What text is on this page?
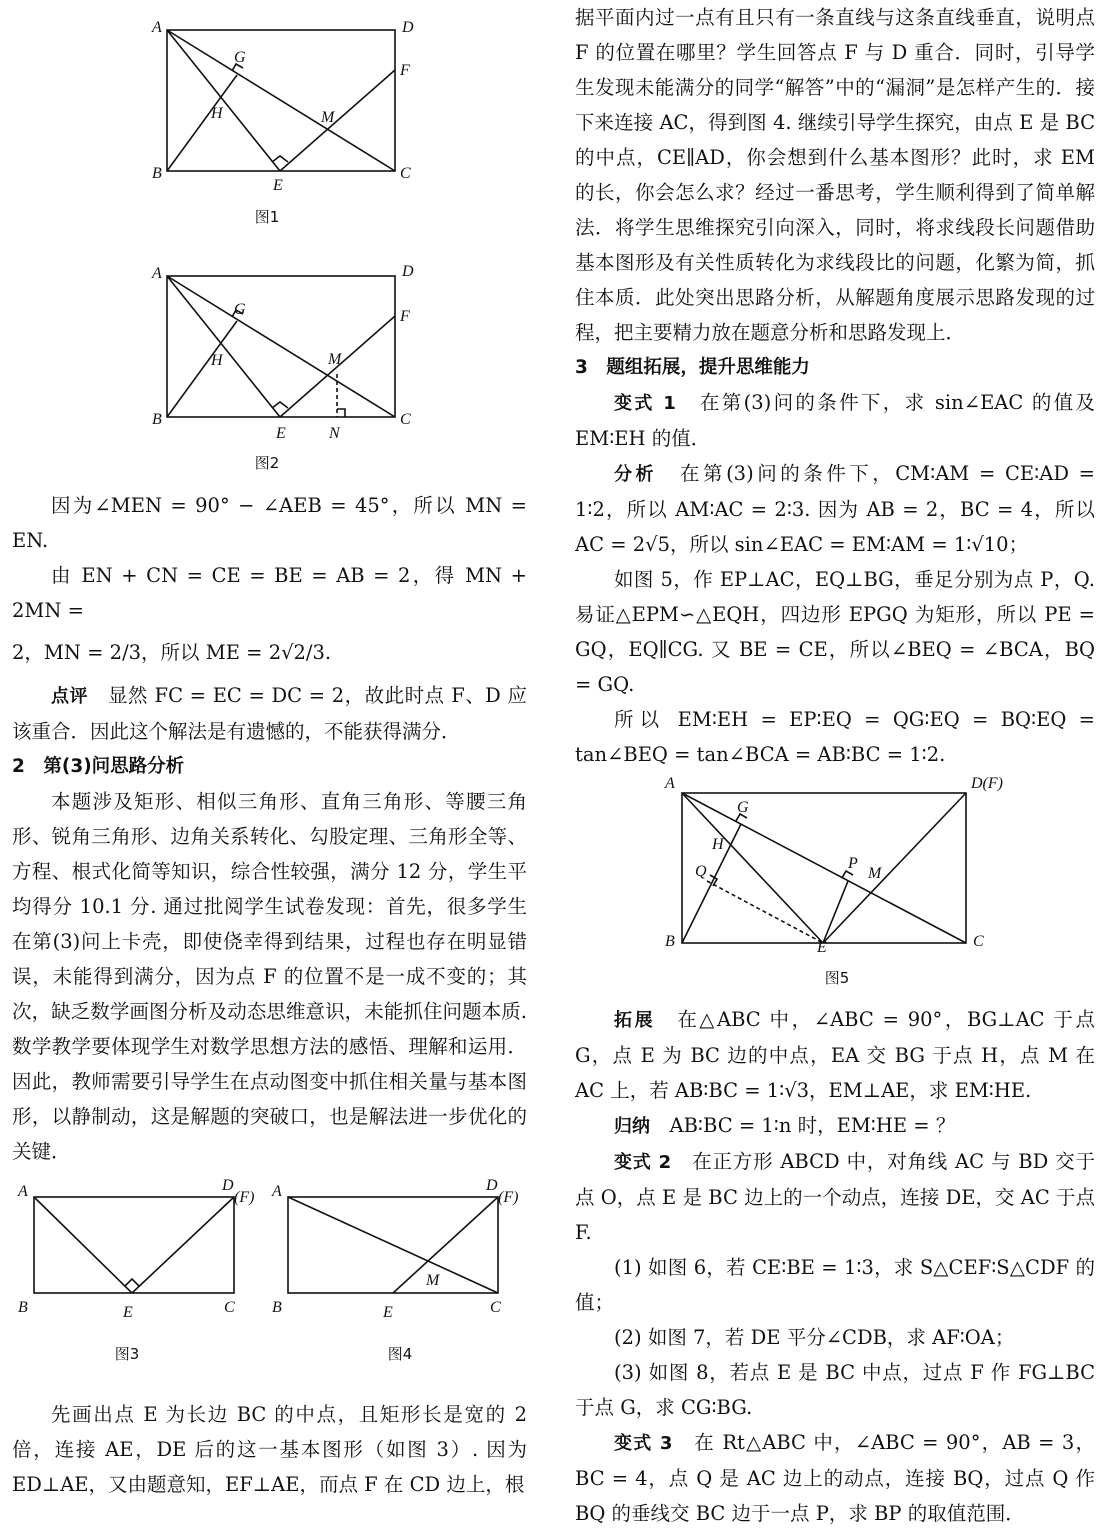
A	D
F
G
H	M
B
E
C
图1
A	D
F
G
H	M
B
E	N
C
图2

因为∠MEN = 90° − ∠AEB = 45°，所以 MN = EN.

由 EN + CN = CE = BE = AB = 2，得 MN + 2MN =

2，MN = 2/3，所以 ME = 2√2/3.

点评　 显然 FC = EC = DC = 2，故此时点 F、D 应该重合．因此这个解法是有遗憾的，不能获得满分．

2　第(3)问思路分析

本题涉及矩形、相似三角形、直角三角形、等腰三角形、锐角三角形、边角关系转化、勾股定理、三角形全等、方程、根式化简等知识，综合性较强，满分 12 分，学生平均得分 10.1 分. 通过批阅学生试卷发现：首先，很多学生在第(3)问上卡壳，即使侥幸得到结果，过程也存在明显错误，未能得到满分，因为点 F 的位置不是一成不变的；其次，缺乏数学画图分析及动态思维意识，未能抓住问题本质. 数学教学要体现学生对数学思想方法的感悟、理解和运用．因此，教师需要引导学生在点动图变中抓住相关量与基本图形，以静制动，这是解题的突破口，也是解法进一步优化的关键．

A	D
(F)
B	E	C
图3
A	D
(F)
M
B	E	C
图4

先画出点 E 为长边 BC 的中点，且矩形长是宽的 2 倍，连接 AE，DE 后的这一基本图形（如图 3）. 因为 ED⊥AE，又由题意知，EF⊥AE，而点 F 在 CD 边上，根

据平面内过一点有且只有一条直线与这条直线垂直，说明点 F 的位置在哪里？学生回答点 F 与 D 重合．同时，引导学生发现未能满分的同学“解答”中的“漏洞”是怎样产生的．接下来连接 AC，得到图 4. 继续引导学生探究，由点 E 是 BC 的中点，CE∥AD，你会想到什么基本图形？此时，求 EM 的长，你会怎么求？经过一番思考，学生顺利得到了简单解法．将学生思维探究引向深入，同时，将求线段长问题借助基本图形及有关性质转化为求线段比的问题，化繁为简，抓住本质．此处突出思路分析，从解题角度展示思路发现的过程，把主要精力放在题意分析和思路发现上．

3　题组拓展，提升思维能力

变式 1　 在第(3)问的条件下，求 sin∠EAC 的值及 EM∶EH 的值．

分析　 在第(3)问的条件下，CM∶AM = CE∶AD = 1∶2，所以 AM∶AC = 2∶3. 因为 AB = 2，BC = 4，所以 AC = 2√5，所以 sin∠EAC = EM∶AM = 1∶√10；

如图 5，作 EP⊥AC，EQ⊥BG，垂足分别为点 P，Q. 易证△EPM∽△EQH，四边形 EPGQ 为矩形，所以 PE = GQ，EQ∥CG. 又 BE = CE，所以∠BEQ = ∠BCA，BQ = GQ.

所以 EM∶EH = EP∶EQ = QG∶EQ = BQ∶EQ = tan∠BEQ = tan∠BCA = AB∶BC = 1∶2.

A	D(F)
G
H
Q	P
M
B	E	C
图5

拓展　 在△ABC 中，∠ABC = 90°，BG⊥AC 于点 G，点 E 为 BC 边的中点，EA 交 BG 于点 H，点 M 在 AC 上，若 AB∶BC = 1∶√3，EM⊥AE，求 EM∶HE.

归纳　 AB∶BC = 1∶n 时，EM∶HE = ？

变式 2　 在正方形 ABCD 中，对角线 AC 与 BD 交于点 O，点 E 是 BC 边上的一个动点，连接 DE，交 AC 于点 F.

(1) 如图 6，若 CE∶BE = 1∶3，求 S△CEF∶S△CDF 的值；

(2) 如图 7，若 DE 平分∠CDB，求 AF∶OA；

(3) 如图 8，若点 E 是 BC 中点，过点 F 作 FG⊥BC 于点 G，求 CG∶BG.

变式 3　 在 Rt△ABC 中，∠ABC = 90°，AB = 3，BC = 4，点 Q 是 AC 边上的动点，连接 BQ，过点 Q 作 BQ 的垂线交 BC 边于一点 P，求 BP 的取值范围．
